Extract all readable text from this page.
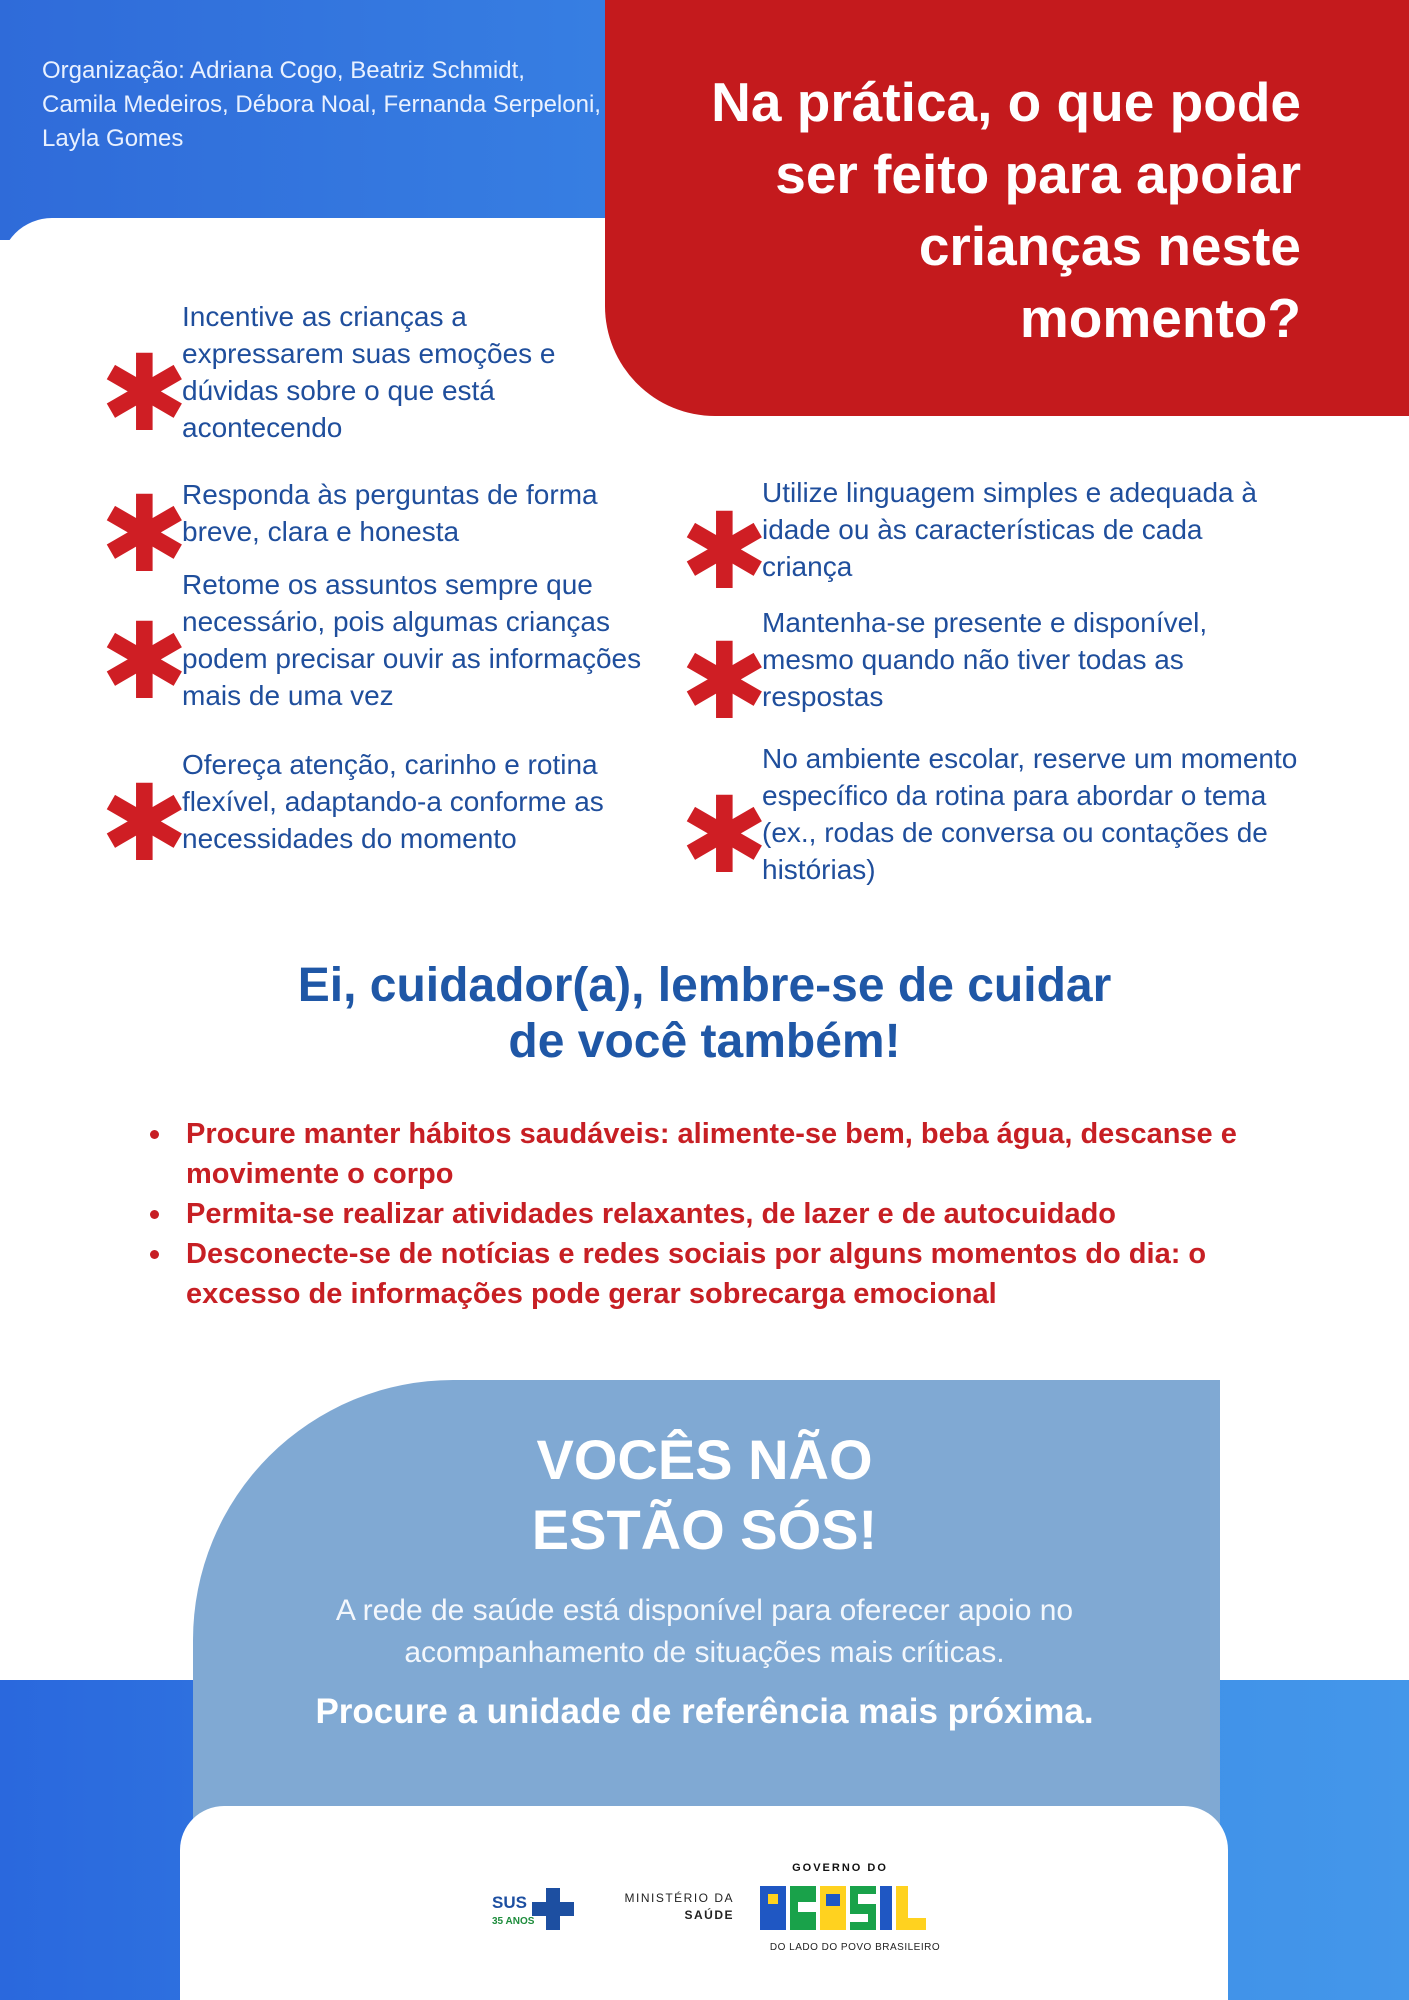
Organização: Adriana Cogo, Beatriz Schmidt, Camila Medeiros, Débora Noal, Fernanda Serpeloni, Layla Gomes

Na prática, o que pode ser feito para apoiar crianças neste momento?
✱
Incentive as crianças a expressarem suas emoções e dúvidas sobre o que está acontecendo
✱
Responda às perguntas de forma breve, clara e honesta
✱
Retome os assuntos sempre que necessário, pois algumas crianças podem precisar ouvir as informações mais de uma vez
✱
Ofereça atenção, carinho e rotina flexível, adaptando-a conforme as necessidades do momento
✱
Utilize linguagem simples e adequada à idade ou às características de cada criança
✱
Mantenha-se presente e disponível, mesmo quando não tiver todas as respostas
✱
No ambiente escolar, reserve um momento específico da rotina para abordar o tema (ex., rodas de conversa ou contações de histórias)
Ei, cuidador(a), lembre-se de cuidar de você também!
Procure manter hábitos saudáveis: alimente-se bem, beba água, descanse e movimente o corpo
Permita-se realizar atividades relaxantes, de lazer e de autocuidado
Desconecte-se de notícias e redes sociais por alguns momentos do dia: o excesso de informações pode gerar sobrecarga emocional
VOCÊS NÃO ESTÃO SÓS!
A rede de saúde está disponível para oferecer apoio no acompanhamento de situações mais críticas.
Procure a unidade de referência mais próxima.
SUS
35 ANOS
MINISTÉRIO DA
SAÚDE
GOVERNO DO
BRASIL
DO LADO DO POVO BRASILEIRO
